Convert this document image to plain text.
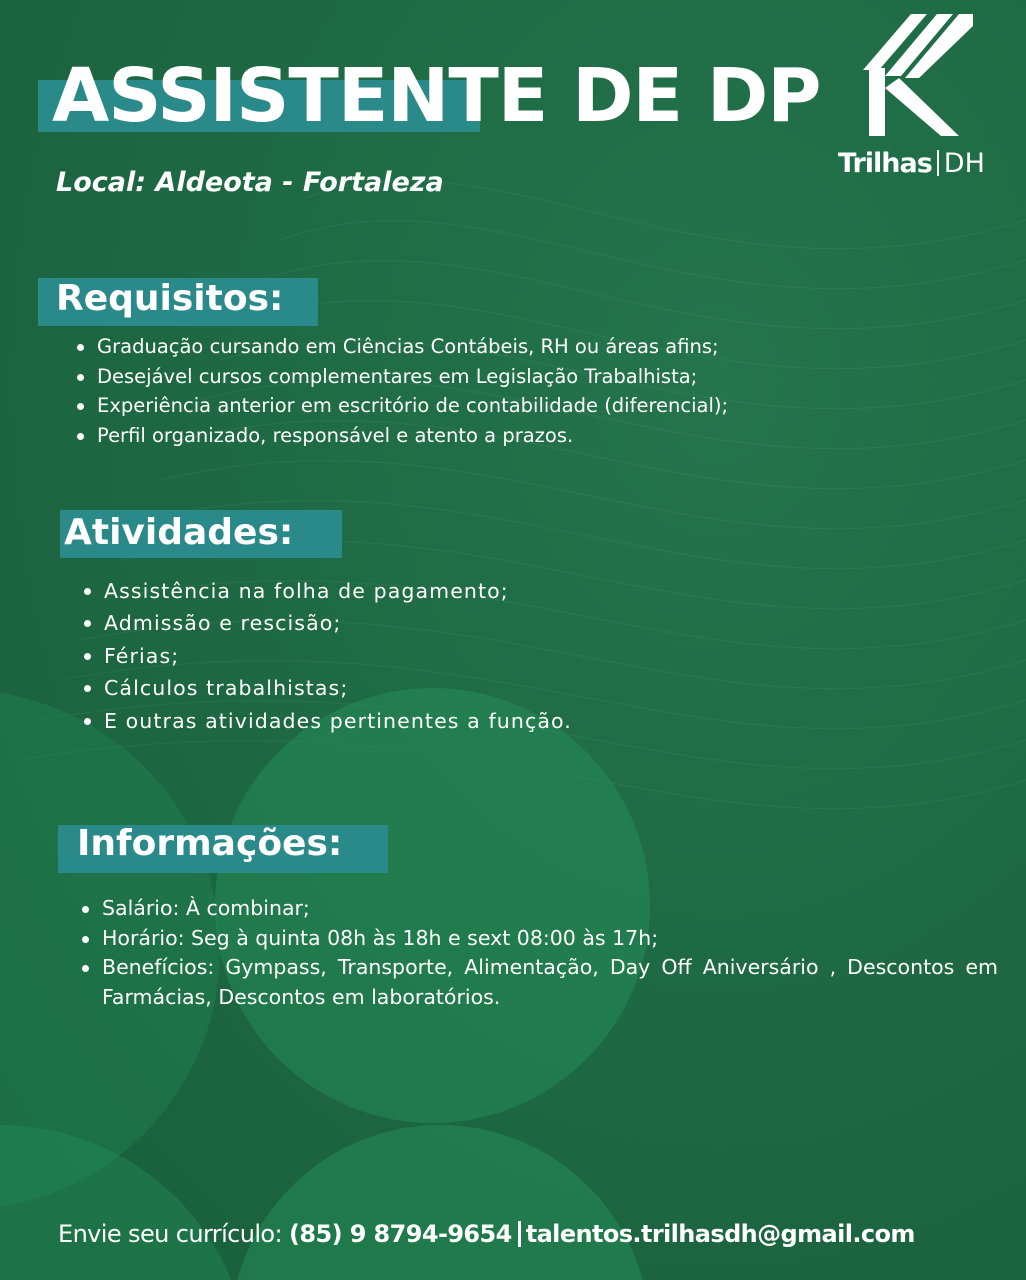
ASSISTENTE DE DP
Local: Aldeota - Fortaleza
Trilhas DH
Requisitos:
Graduação cursando em Ciências Contábeis, RH ou áreas afins;
Desejável cursos complementares em Legislação Trabalhista;
Experiência anterior em escritório de contabilidade (diferencial);
Perfil organizado, responsável e atento a prazos.
Atividades:
Assistência na folha de pagamento;
Admissão e rescisão;
Férias;
Cálculos trabalhistas;
E outras atividades pertinentes a função.
Informações:
Salário: À combinar;
Horário: Seg à quinta 08h às 18h e sext 08:00 às 17h;
Benefícios: Gympass, Transporte, Alimentação, Day Off Aniversário , Descontos em Farmácias, Descontos em laboratórios.
Envie seu currículo: (85) 9 8794-9654 talentos.trilhasdh@gmail.com
